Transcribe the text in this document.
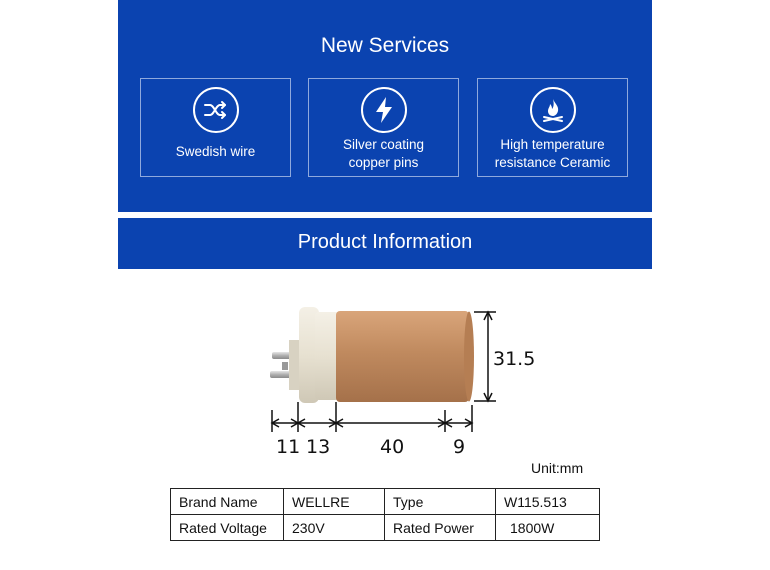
New Services
Swedish wire	Silver coating
copper pins
High temperature
resistance Ceramic
Product Information
31.5
11 13	40	9
Unit:mm
Brand Name	WELLRE	Type	W115.513
Rated Voltage	230V	Rated Power	1800W
